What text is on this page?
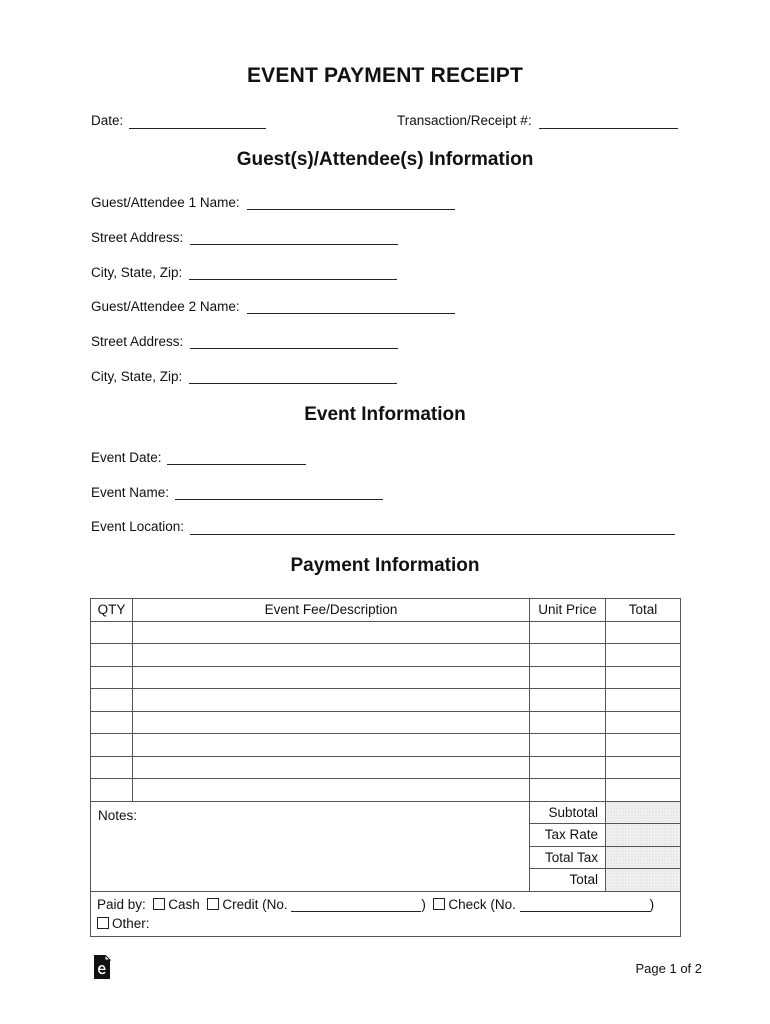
EVENT PAYMENT RECEIPT
Date:	Transaction/Receipt #:
Guest(s)/Attendee(s) Information
Guest/Attendee 1 Name:
Street Address:
City, State, Zip:
Guest/Attendee 2 Name:
Street Address:
City, State, Zip:
Event Information
Event Date:
Event Name:
Event Location:
Payment Information
QTY	Event Fee/Description	Unit Price	Total

Notes:		Subtotal	
		Tax Rate	
		Total Tax	
		Total	
Paid by: Cash Credit (No. ) Check (No. )
Other:			
Page 1 of 2
